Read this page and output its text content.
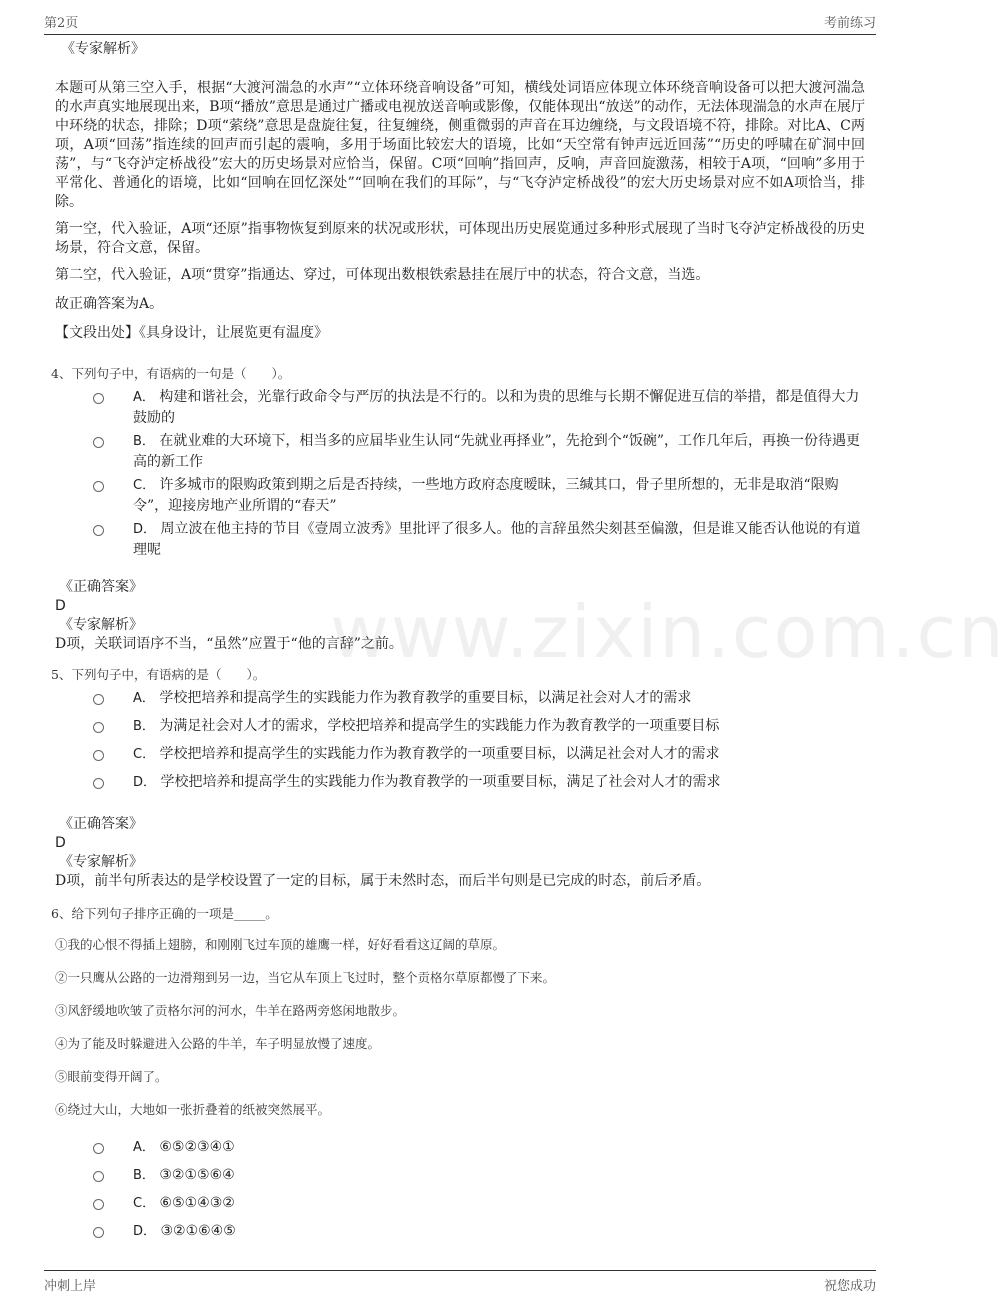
第2页	考前练习
www.zixin.com.cn

《专家解析》

本题可从第三空入手，根据“大渡河湍急的水声”“立体环绕音响设备”可知，横线处词语应体现立体环绕音响设备可以把大渡河湍急的水声真实地展现出来，B项“播放”意思是通过广播或电视放送音响或影像，仅能体现出“放送”的动作，无法体现湍急的水声在展厅中环绕的状态，排除；D项“萦绕”意思是盘旋往复，往复缠绕，侧重微弱的声音在耳边缠绕，与文段语境不符，排除。对比A、C两项，A项“回荡”指连续的回声而引起的震响，多用于场面比较宏大的语境，比如“天空常有钟声远近回荡”“历史的呼啸在矿洞中回荡”，与“飞夺泸定桥战役”宏大的历史场景对应恰当，保留。C项“回响”指回声，反响，声音回旋激荡，相较于A项，“回响”多用于平常化、普通化的语境，比如“回响在回忆深处”“回响在我们的耳际”，与“飞夺泸定桥战役”的宏大历史场景对应不如A项恰当，排除。

第一空，代入验证，A项“还原”指事物恢复到原来的状况或形状，可体现出历史展览通过多种形式展现了当时飞夺泸定桥战役的历史场景，符合文意，保留。

第二空，代入验证，A项“贯穿”指通达、穿过，可体现出数根铁索悬挂在展厅中的状态，符合文意，当选。

故正确答案为A。

【文段出处】《具身设计，让展览更有温度》

4、下列句子中，有语病的一句是（　　）。

A． 构建和谐社会，光靠行政命令与严厉的执法是不行的。以和为贵的思维与长期不懈促进互信的举措，都是值得大力鼓励的
B． 在就业难的大环境下，相当多的应届毕业生认同“先就业再择业”，先抢到个“饭碗”，工作几年后，再换一份待遇更高的新工作
C． 许多城市的限购政策到期之后是否持续，一些地方政府态度暧昧，三缄其口，骨子里所想的，无非是取消“限购令”，迎接房地产业所谓的“春天”
D． 周立波在他主持的节目《壹周立波秀》里批评了很多人。他的言辞虽然尖刻甚至偏激，但是谁又能否认他说的有道理呢

《正确答案》

D

《专家解析》

D项，关联词语序不当，“虽然”应置于“他的言辞”之前。

5、下列句子中，有语病的是（　　）。

A． 学校把培养和提高学生的实践能力作为教育教学的重要目标，以满足社会对人才的需求
B． 为满足社会对人才的需求，学校把培养和提高学生的实践能力作为教育教学的一项重要目标
C． 学校把培养和提高学生的实践能力作为教育教学的一项重要目标，以满足社会对人才的需求
D． 学校把培养和提高学生的实践能力作为教育教学的一项重要目标，满足了社会对人才的需求

《正确答案》

D

《专家解析》

D项，前半句所表达的是学校设置了一定的目标，属于未然时态，而后半句则是已完成的时态，前后矛盾。

6、给下列句子排序正确的一项是_____。

①我的心恨不得插上翅膀，和刚刚飞过车顶的雄鹰一样，好好看看这辽阔的草原。

②一只鹰从公路的一边滑翔到另一边，当它从车顶上飞过时，整个贡格尔草原都慢了下来。

③风舒缓地吹皱了贡格尔河的河水，牛羊在路两旁悠闲地散步。

④为了能及时躲避进入公路的牛羊，车子明显放慢了速度。

⑤眼前变得开阔了。

⑥绕过大山，大地如一张折叠着的纸被突然展平。

A． ⑥⑤②③④①
B． ③②①⑤⑥④
C． ⑥⑤①④③②
D． ③②①⑥④⑤
冲刺上岸	祝您成功
